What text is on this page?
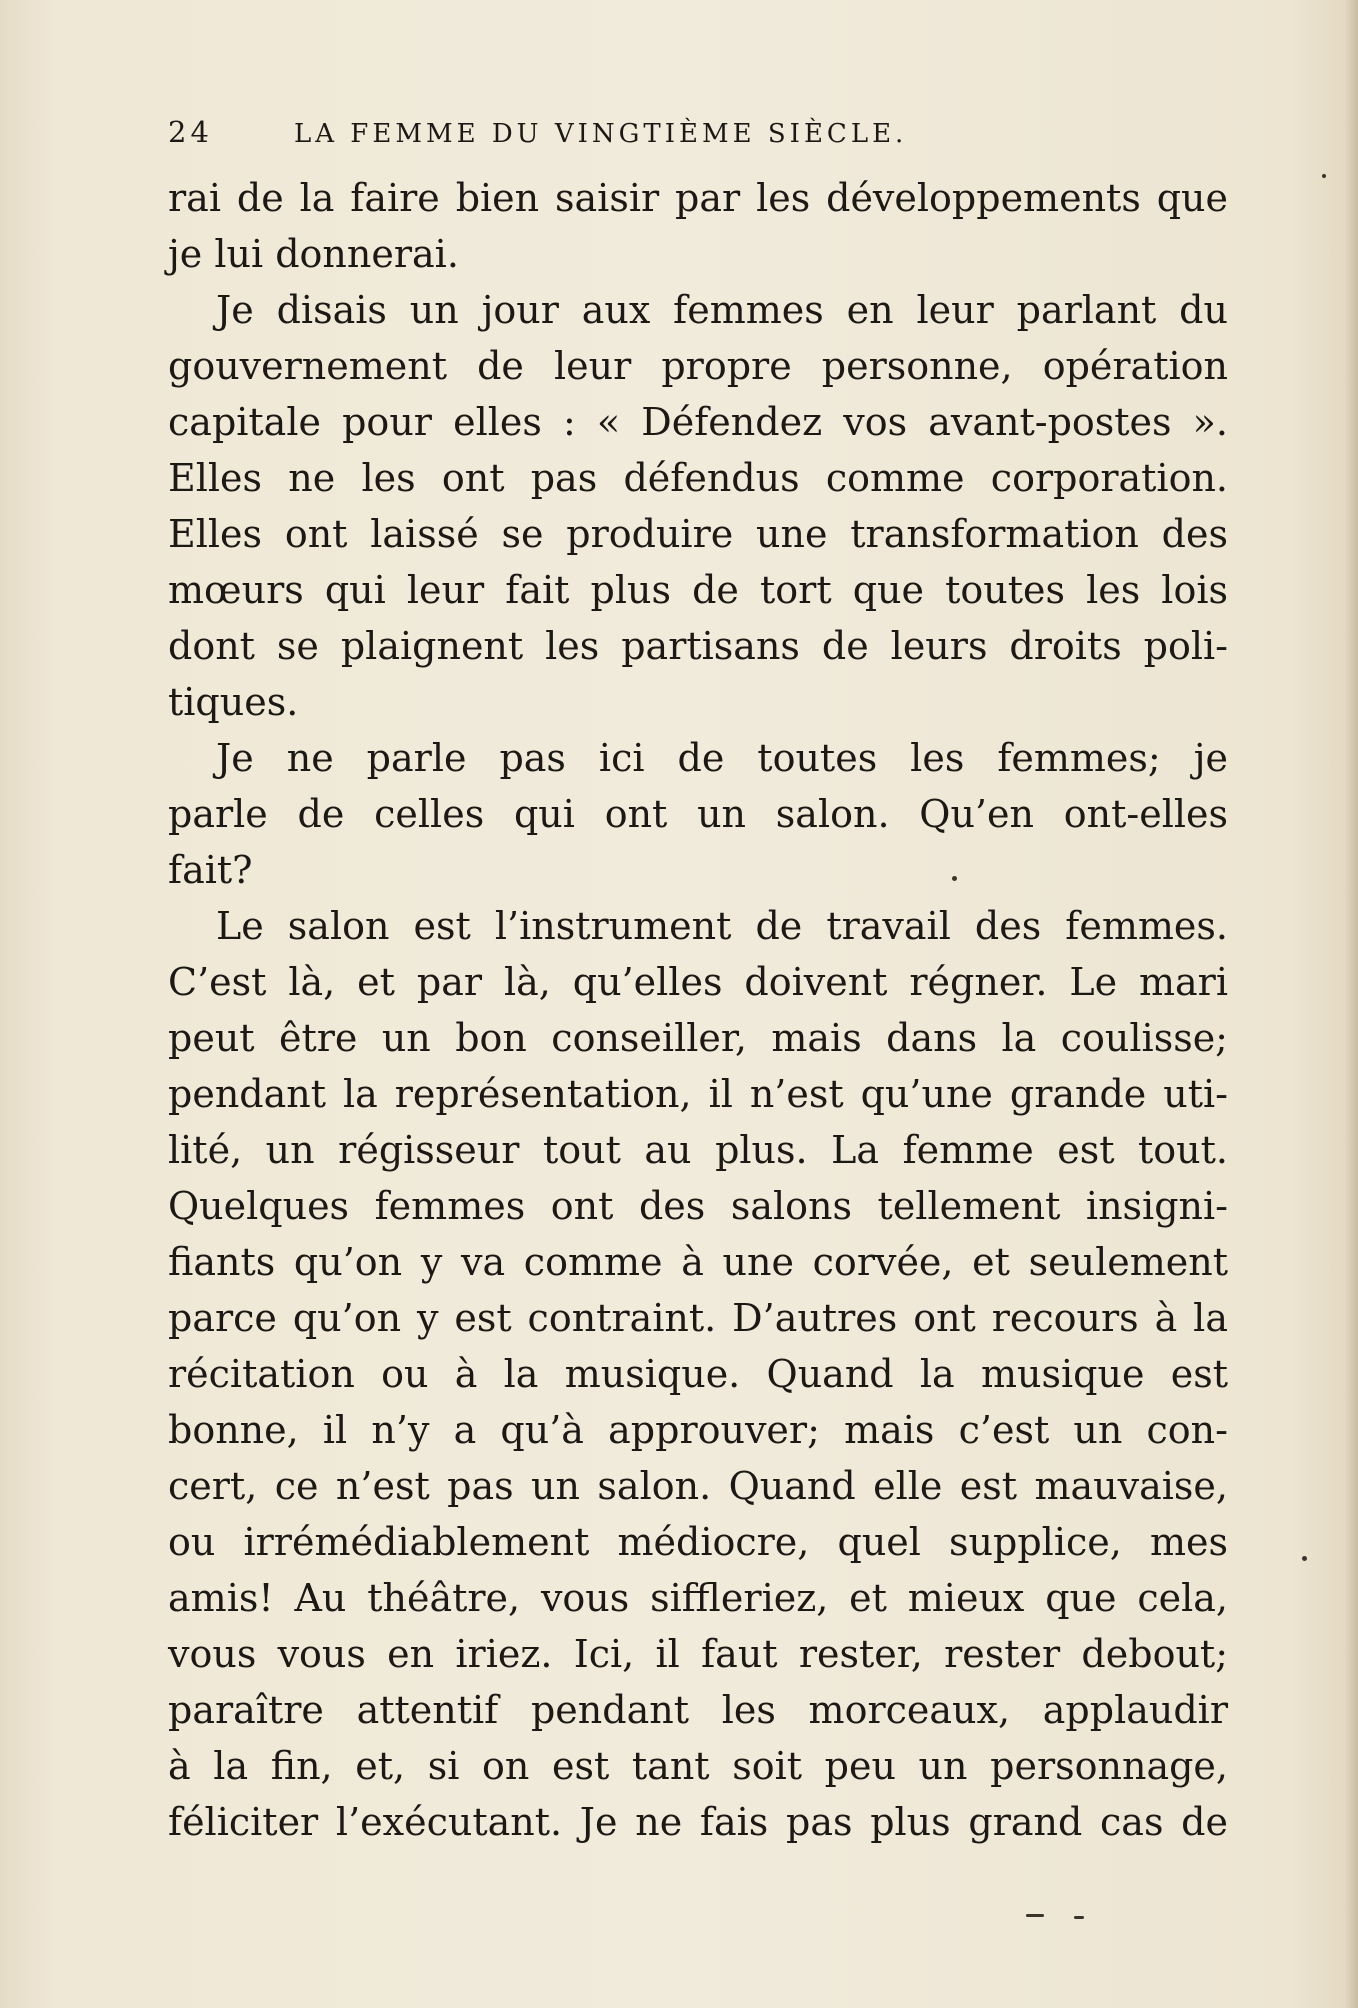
24	LA FEMME DU VINGTIÈME SIÈCLE.
rai de la faire bien saisir par les développements que
je lui donnerai.
Je disais un jour aux femmes en leur parlant du
gouvernement de leur propre personne, opération
capitale pour elles : « Défendez vos avant-postes ».
Elles ne les ont pas défendus comme corporation.
Elles ont laissé se produire une transformation des
mœurs qui leur fait plus de tort que toutes les lois
dont se plaignent les partisans de leurs droits poli-
tiques.
Je ne parle pas ici de toutes les femmes; je
parle de celles qui ont un salon. Qu’en ont-elles
fait?
Le salon est l’instrument de travail des femmes.
C’est là, et par là, qu’elles doivent régner. Le mari
peut être un bon conseiller, mais dans la coulisse;
pendant la représentation, il n’est qu’une grande uti-
lité, un régisseur tout au plus. La femme est tout.
Quelques femmes ont des salons tellement insigni-
fiants qu’on y va comme à une corvée, et seulement
parce qu’on y est contraint. D’autres ont recours à la
récitation ou à la musique. Quand la musique est
bonne, il n’y a qu’à approuver; mais c’est un con-
cert, ce n’est pas un salon. Quand elle est mauvaise,
ou irrémédiablement médiocre, quel supplice, mes
amis! Au théâtre, vous siffleriez, et mieux que cela,
vous vous en iriez. Ici, il faut rester, rester debout;
paraître attentif pendant les morceaux, applaudir
à la fin, et, si on est tant soit peu un personnage,
féliciter l’exécutant. Je ne fais pas plus grand cas de
